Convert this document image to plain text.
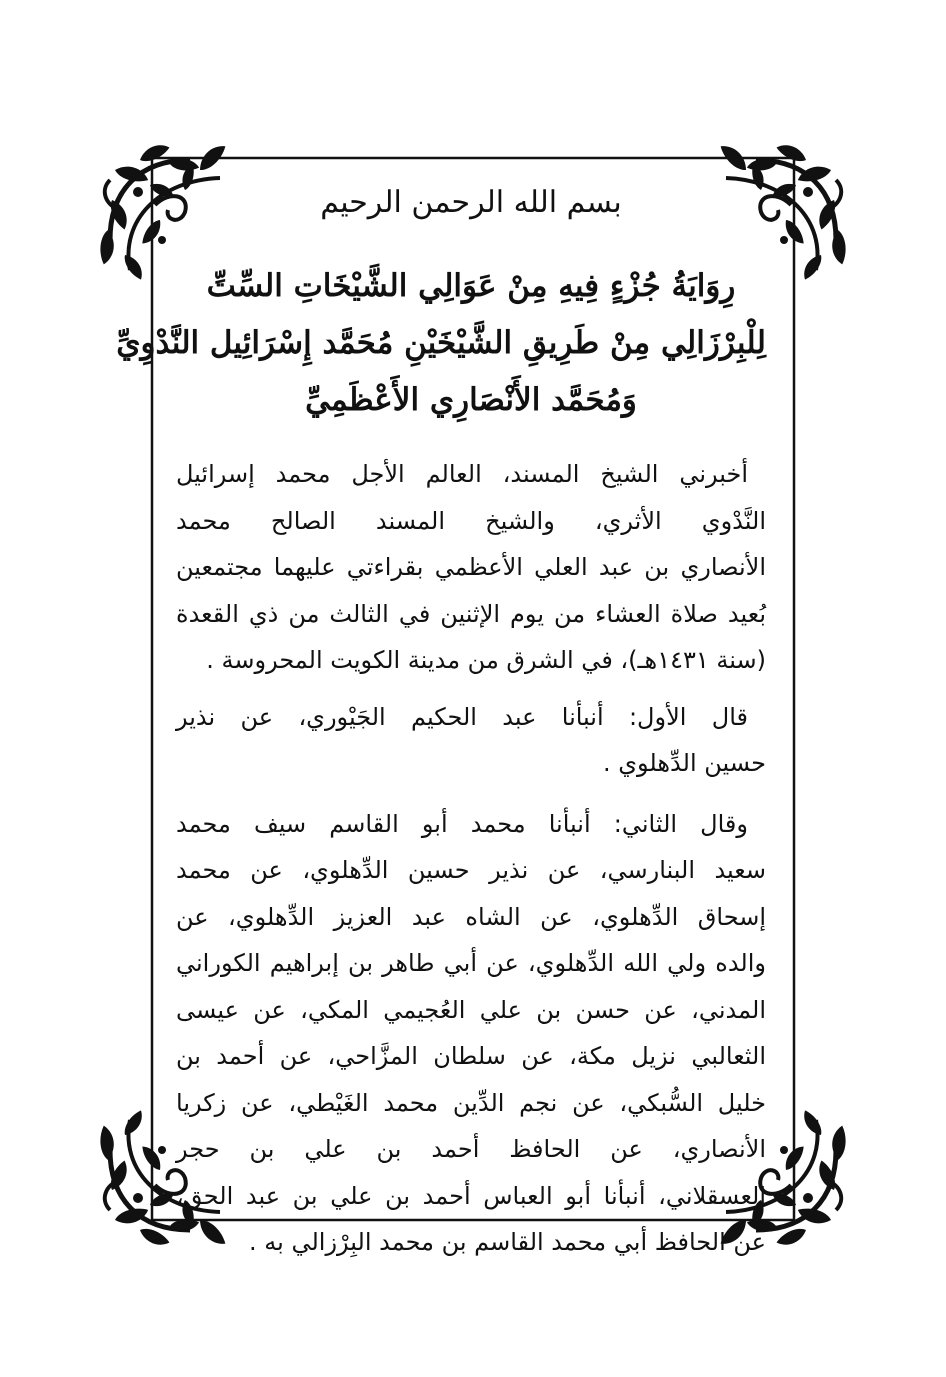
بسم الله الرحمن الرحيم
رِوَايَةُ جُزْءٍ فِيهِ مِنْ عَوَالِي الشَّيْخَاتِ السِّتِّ
لِلْبِرْزَالِي مِنْ طَرِيقِ الشَّيْخَيْنِ مُحَمَّد إِسْرَائِيل النَّدْوِيِّ
وَمُحَمَّد الأَنْصَارِي الأَعْظَمِيِّ
أخبرني الشيخ المسند، العالم الأجل محمد إسرائيل
النَّدْوي الأثري، والشيخ المسند الصالح محمد
الأنصاري بن عبد العلي الأعظمي بقراءتي عليهما مجتمعين
بُعيد صلاة العشاء من يوم الإثنين في الثالث من ذي القعدة
(سنة ١٤٣١هـ)، في الشرق من مدينة الكويت المحروسة .
قال الأول: أنبأنا عبد الحكيم الجَيْوري، عن نذير
حسين الدِّهلوي .
وقال الثاني: أنبأنا محمد أبو القاسم سيف محمد
سعيد البنارسي، عن نذير حسين الدِّهلوي، عن محمد
إسحاق الدِّهلوي، عن الشاه عبد العزيز الدِّهلوي، عن
والده ولي الله الدِّهلوي، عن أبي طاهر بن إبراهيم الكوراني
المدني، عن حسن بن علي العُجيمي المكي، عن عيسى
الثعالبي نزيل مكة، عن سلطان المزَّاحي، عن أحمد بن
خليل السُّبكي، عن نجم الدِّين محمد الغَيْطي، عن زكريا
الأنصاري، عن الحافظ أحمد بن علي بن حجر
العسقلاني، أنبأنا أبو العباس أحمد بن علي بن عبد الحق،
عن الحافظ أبي محمد القاسم بن محمد البِرْزالي به .
